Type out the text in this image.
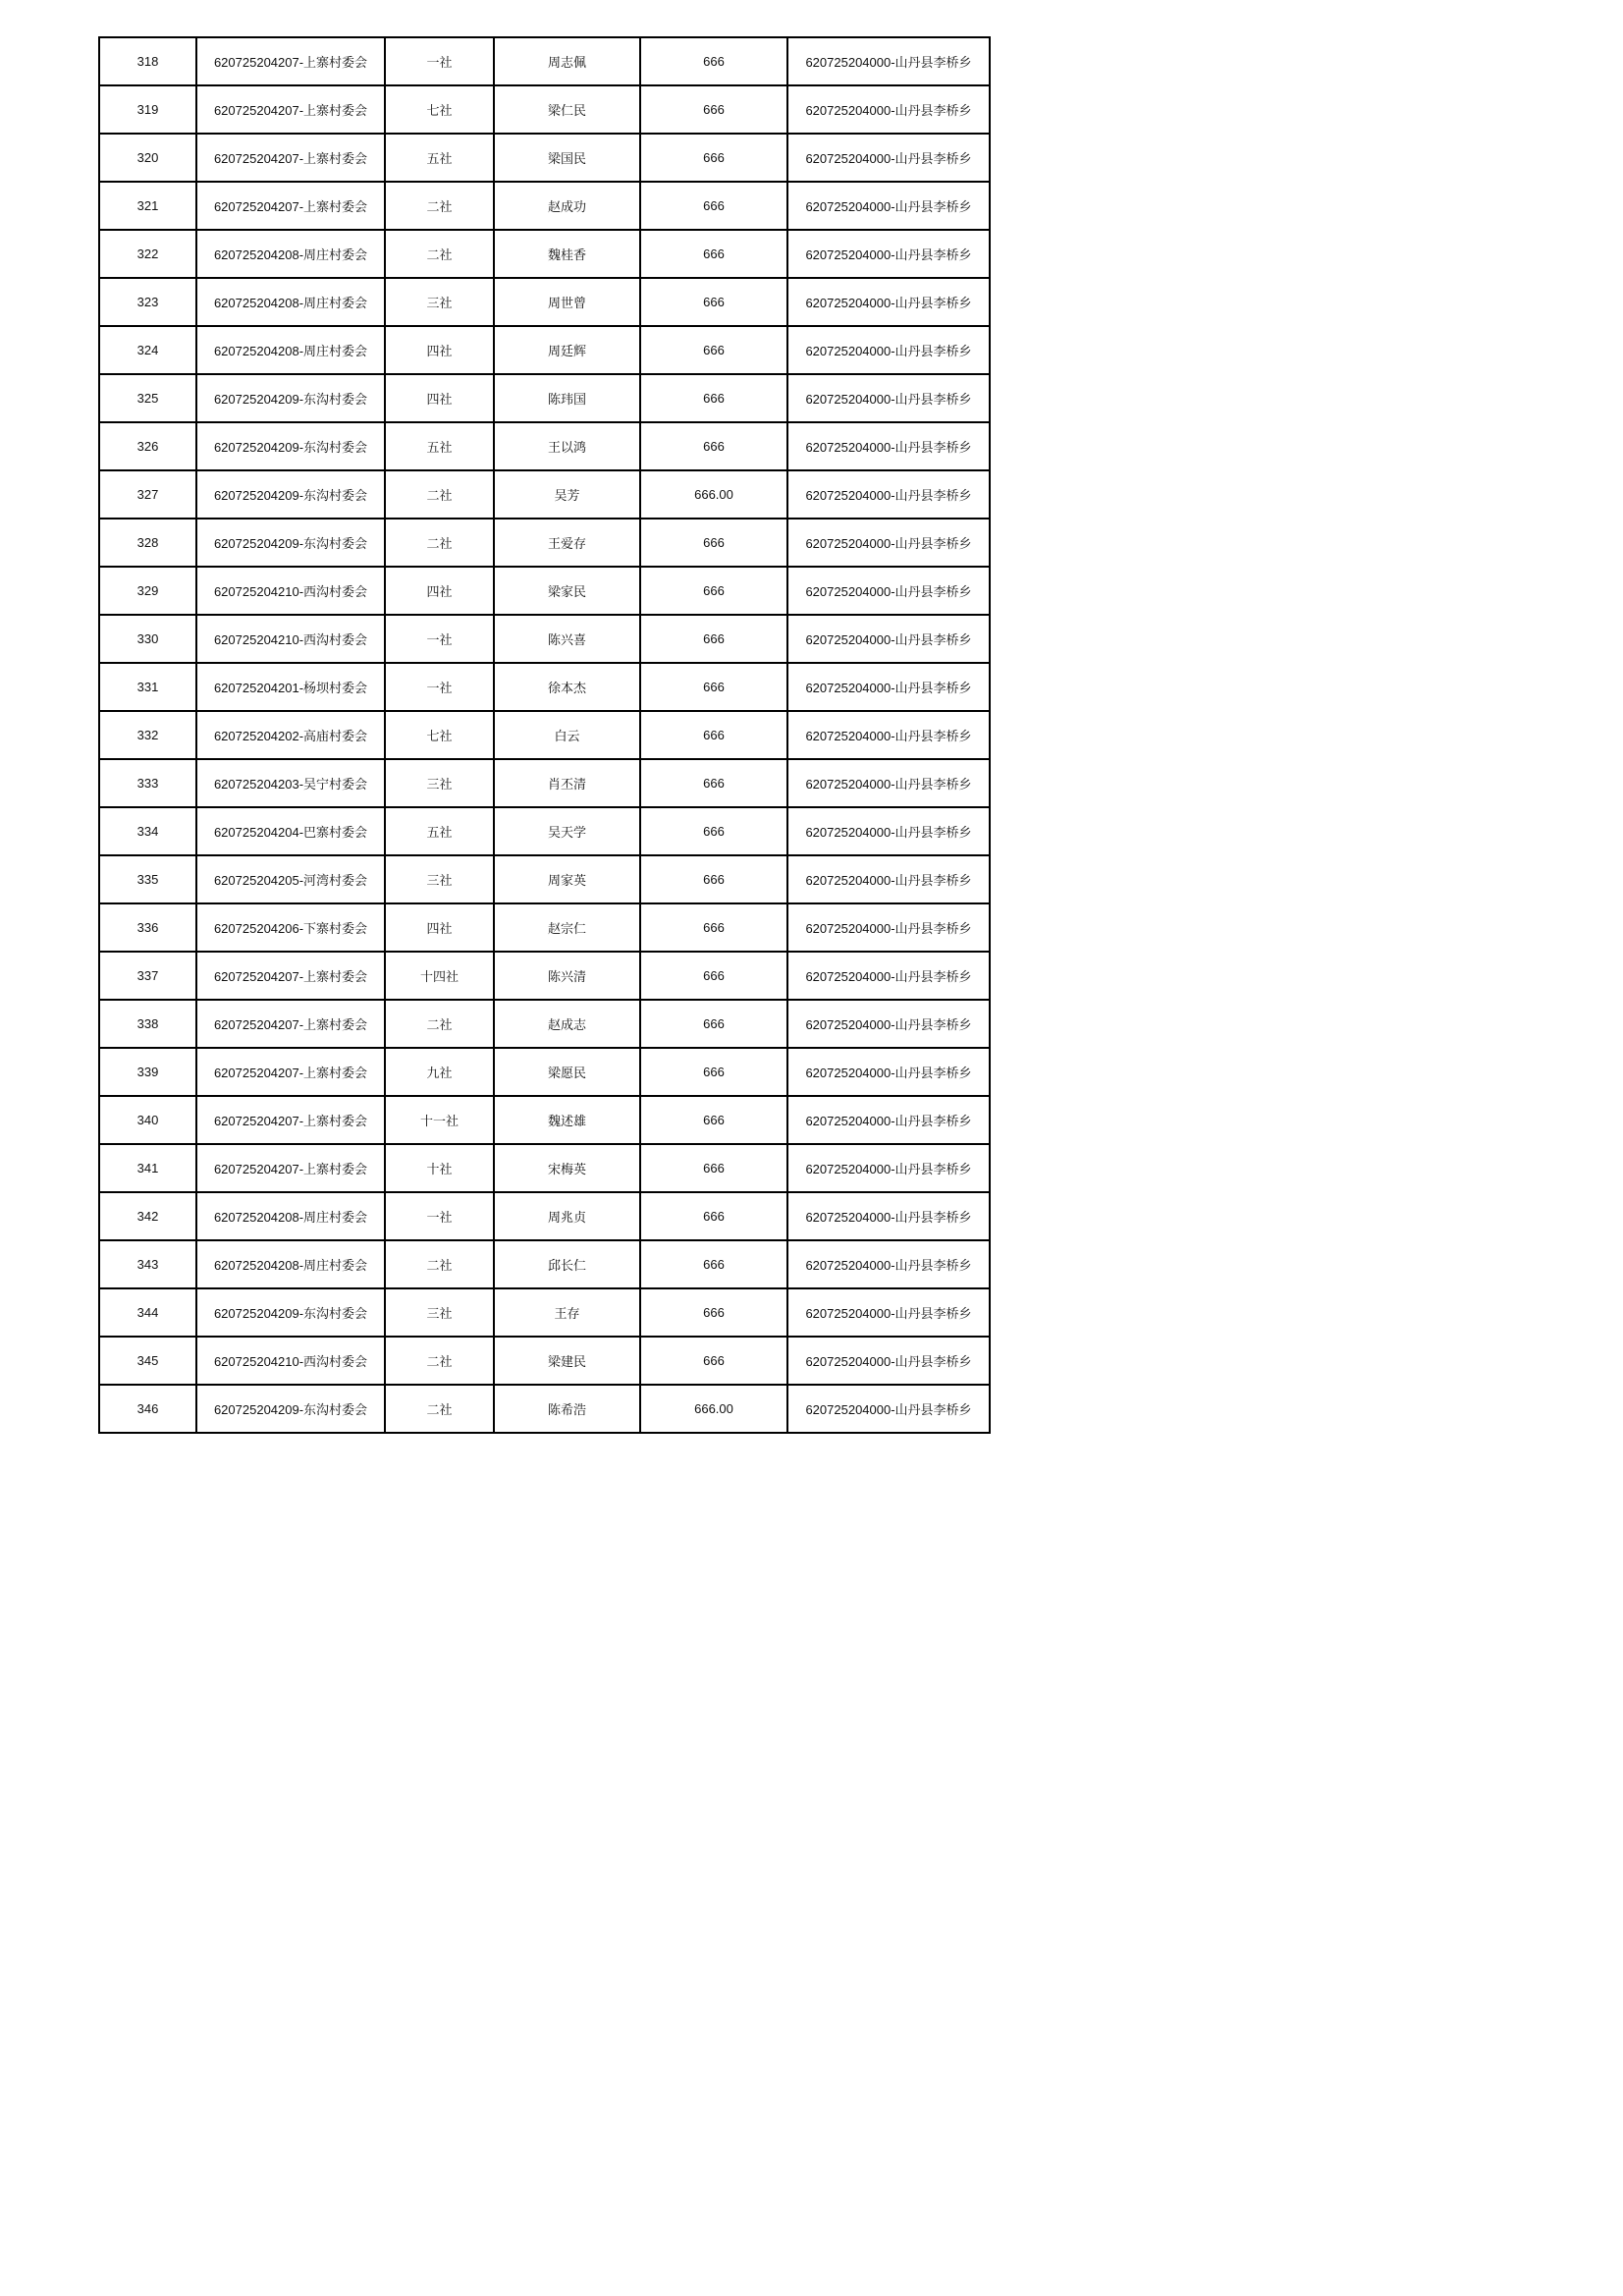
318	620725204207-上寨村委会	一社	周志佩	666	620725204000-山丹县李桥乡
319	620725204207-上寨村委会	七社	梁仁民	666	620725204000-山丹县李桥乡
320	620725204207-上寨村委会	五社	梁国民	666	620725204000-山丹县李桥乡
321	620725204207-上寨村委会	二社	赵成功	666	620725204000-山丹县李桥乡
322	620725204208-周庄村委会	二社	魏桂香	666	620725204000-山丹县李桥乡
323	620725204208-周庄村委会	三社	周世曾	666	620725204000-山丹县李桥乡
324	620725204208-周庄村委会	四社	周廷辉	666	620725204000-山丹县李桥乡
325	620725204209-东沟村委会	四社	陈玮国	666	620725204000-山丹县李桥乡
326	620725204209-东沟村委会	五社	王以鸿	666	620725204000-山丹县李桥乡
327	620725204209-东沟村委会	二社	吴芳	666.00	620725204000-山丹县李桥乡
328	620725204209-东沟村委会	二社	王爱存	666	620725204000-山丹县李桥乡
329	620725204210-西沟村委会	四社	梁家民	666	620725204000-山丹县李桥乡
330	620725204210-西沟村委会	一社	陈兴喜	666	620725204000-山丹县李桥乡
331	620725204201-杨坝村委会	一社	徐本杰	666	620725204000-山丹县李桥乡
332	620725204202-高庙村委会	七社	白云	666	620725204000-山丹县李桥乡
333	620725204203-吴宁村委会	三社	肖丕清	666	620725204000-山丹县李桥乡
334	620725204204-巴寨村委会	五社	吴天学	666	620725204000-山丹县李桥乡
335	620725204205-河湾村委会	三社	周家英	666	620725204000-山丹县李桥乡
336	620725204206-下寨村委会	四社	赵宗仁	666	620725204000-山丹县李桥乡
337	620725204207-上寨村委会	十四社	陈兴清	666	620725204000-山丹县李桥乡
338	620725204207-上寨村委会	二社	赵成志	666	620725204000-山丹县李桥乡
339	620725204207-上寨村委会	九社	梁愿民	666	620725204000-山丹县李桥乡
340	620725204207-上寨村委会	十一社	魏述雄	666	620725204000-山丹县李桥乡
341	620725204207-上寨村委会	十社	宋梅英	666	620725204000-山丹县李桥乡
342	620725204208-周庄村委会	一社	周兆贞	666	620725204000-山丹县李桥乡
343	620725204208-周庄村委会	二社	邱长仁	666	620725204000-山丹县李桥乡
344	620725204209-东沟村委会	三社	王存	666	620725204000-山丹县李桥乡
345	620725204210-西沟村委会	二社	梁建民	666	620725204000-山丹县李桥乡
346	620725204209-东沟村委会	二社	陈希浩	666.00	620725204000-山丹县李桥乡
